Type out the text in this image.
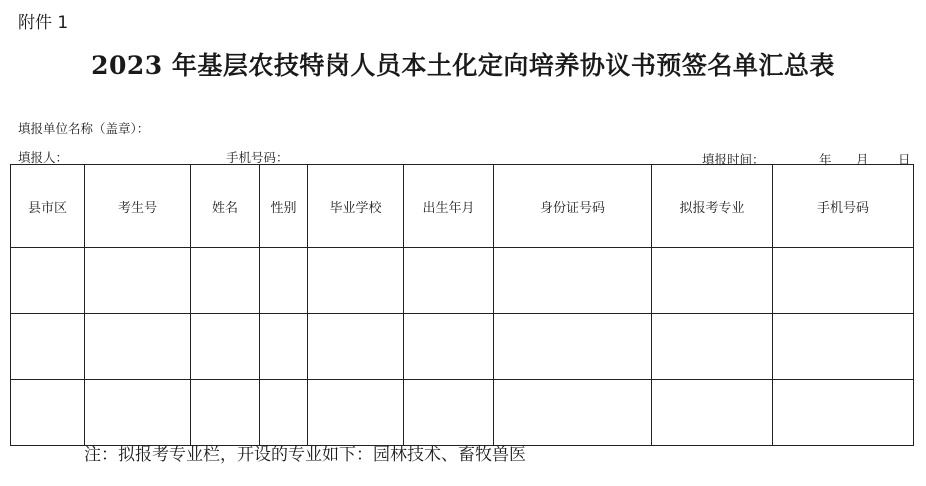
附件 1
2023 年基层农技特岗人员本土化定向培养协议书预签名单汇总表
填报单位名称（盖章）：
填报人：	手机号码：	填报时间：	年 月 日
县市区	考生号	姓名	性别	毕业学校	出生年月	身份证号码	拟报考专业	手机号码

注：拟报考专业栏，开设的专业如下：园林技术、畜牧兽医
